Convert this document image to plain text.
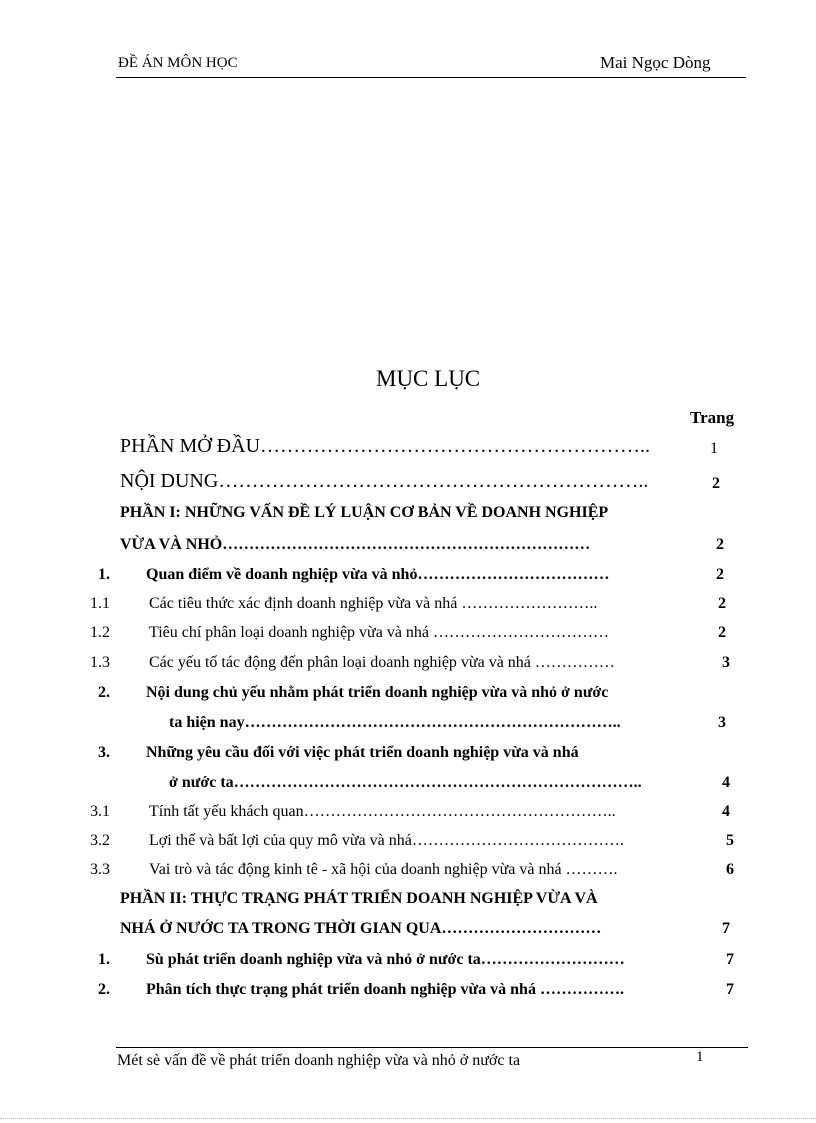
ĐỀ ÁN MÔN HỌC	Mai Ngọc Dòng
MỤC LỤC
Trang
PHẦN MỞ ĐẦU…………………………………………………..	1
NỘI DUNG………………………………………………………..	2
PHẦN I: NHỮNG VẤN ĐỀ LÝ LUẬN CƠ BẢN VỀ DOANH NGHIỆP
VỪA VÀ NHỎ……………………………………………………………	2
1. Quan điểm về doanh nghiệp vừa và nhỏ………………………………	2
1.1 Các tiêu thức xác định doanh nghiệp vừa và nhá ……………………..	2
1.2 Tiêu chí phân loại doanh nghiệp vừa và nhá ……………………………	2
1.3 Các yếu tố tác động đến phân loại doanh nghiệp vừa và nhá ……………	3
2. Nội dung chủ yếu nhằm phát triển doanh nghiệp vừa và nhỏ ở nước
ta hiện nay……………………………………………………………..	3
3. Những yêu cầu đối với việc phát triển doanh nghiệp vừa và nhá
ở nước ta…………………………………………………………………..	4
3.1 Tính tất yếu khách quan…………………………………………………..	4
3.2 Lợi thế và bất lợi của quy mô vừa và nhá………………………………….	5
3.3 Vai trò và tác động kinh tê - xã hội của doanh nghiệp vừa và nhá ……….	6
PHẦN II: THỰC TRẠNG PHÁT TRIỂN DOANH NGHIỆP VỪA VÀ
NHÁ Ở NƯỚC TA TRONG THỜI GIAN QUA…………………………	7
1. Sù phát triển doanh nghiệp vừa và nhỏ ở nước ta………………………	7
2. Phân tích thực trạng phát triển doanh nghiệp vừa và nhá …………….	7
Mét sè vấn đề về phát triển doanh nghiệp vừa và nhỏ ở nước ta	1
